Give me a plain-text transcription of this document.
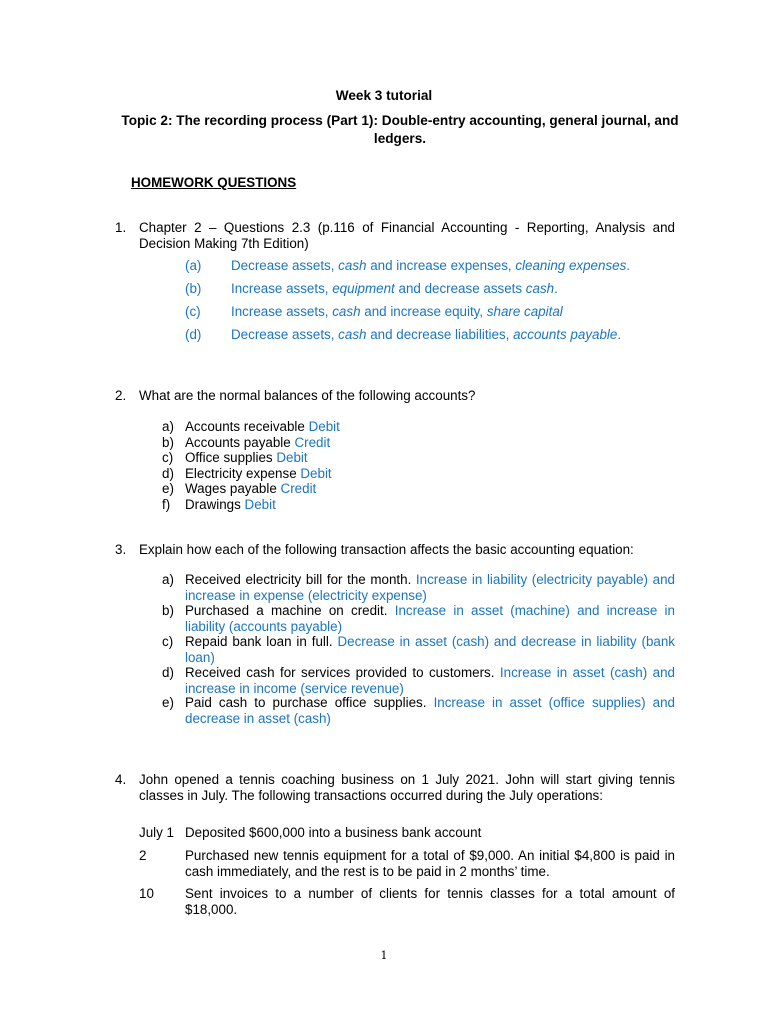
Week 3 tutorial
Topic 2: The recording process (Part 1): Double-entry accounting, general journal, and ledgers.
HOMEWORK QUESTIONS
1. Chapter 2 – Questions 2.3 (p.116 of Financial Accounting - Reporting, Analysis and Decision Making 7th Edition)
(a) Decrease assets, cash and increase expenses, cleaning expenses.
(b) Increase assets, equipment and decrease assets cash.
(c) Increase assets, cash and increase equity, share capital
(d) Decrease assets, cash and decrease liabilities, accounts payable.
2. What are the normal balances of the following accounts?
a) Accounts receivable Debit
b) Accounts payable Credit
c) Office supplies Debit
d) Electricity expense Debit
e) Wages payable Credit
f)	Drawings Debit
3. Explain how each of the following transaction affects the basic accounting equation:
a) Received electricity bill for the month. Increase in liability (electricity payable) and increase in expense (electricity expense)
b) Purchased a machine on credit. Increase in asset (machine) and increase in liability (accounts payable)
c) Repaid bank loan in full. Decrease in asset (cash) and decrease in liability (bank loan)
d) Received cash for services provided to customers. Increase in asset (cash) and increase in income (service revenue)
e) Paid cash to purchase office supplies. Increase in asset (office supplies) and decrease in asset (cash)
4. John opened a tennis coaching business on 1 July 2021. John will start giving tennis classes in July. The following transactions occurred during the July operations:
July 1 Deposited $600,000 into a business bank account
2	Purchased new tennis equipment for a total of $9,000. An initial $4,800 is paid in cash immediately, and the rest is to be paid in 2 months’ time.
10 Sent invoices to a number of clients for tennis classes for a total amount of $18,000.
1
